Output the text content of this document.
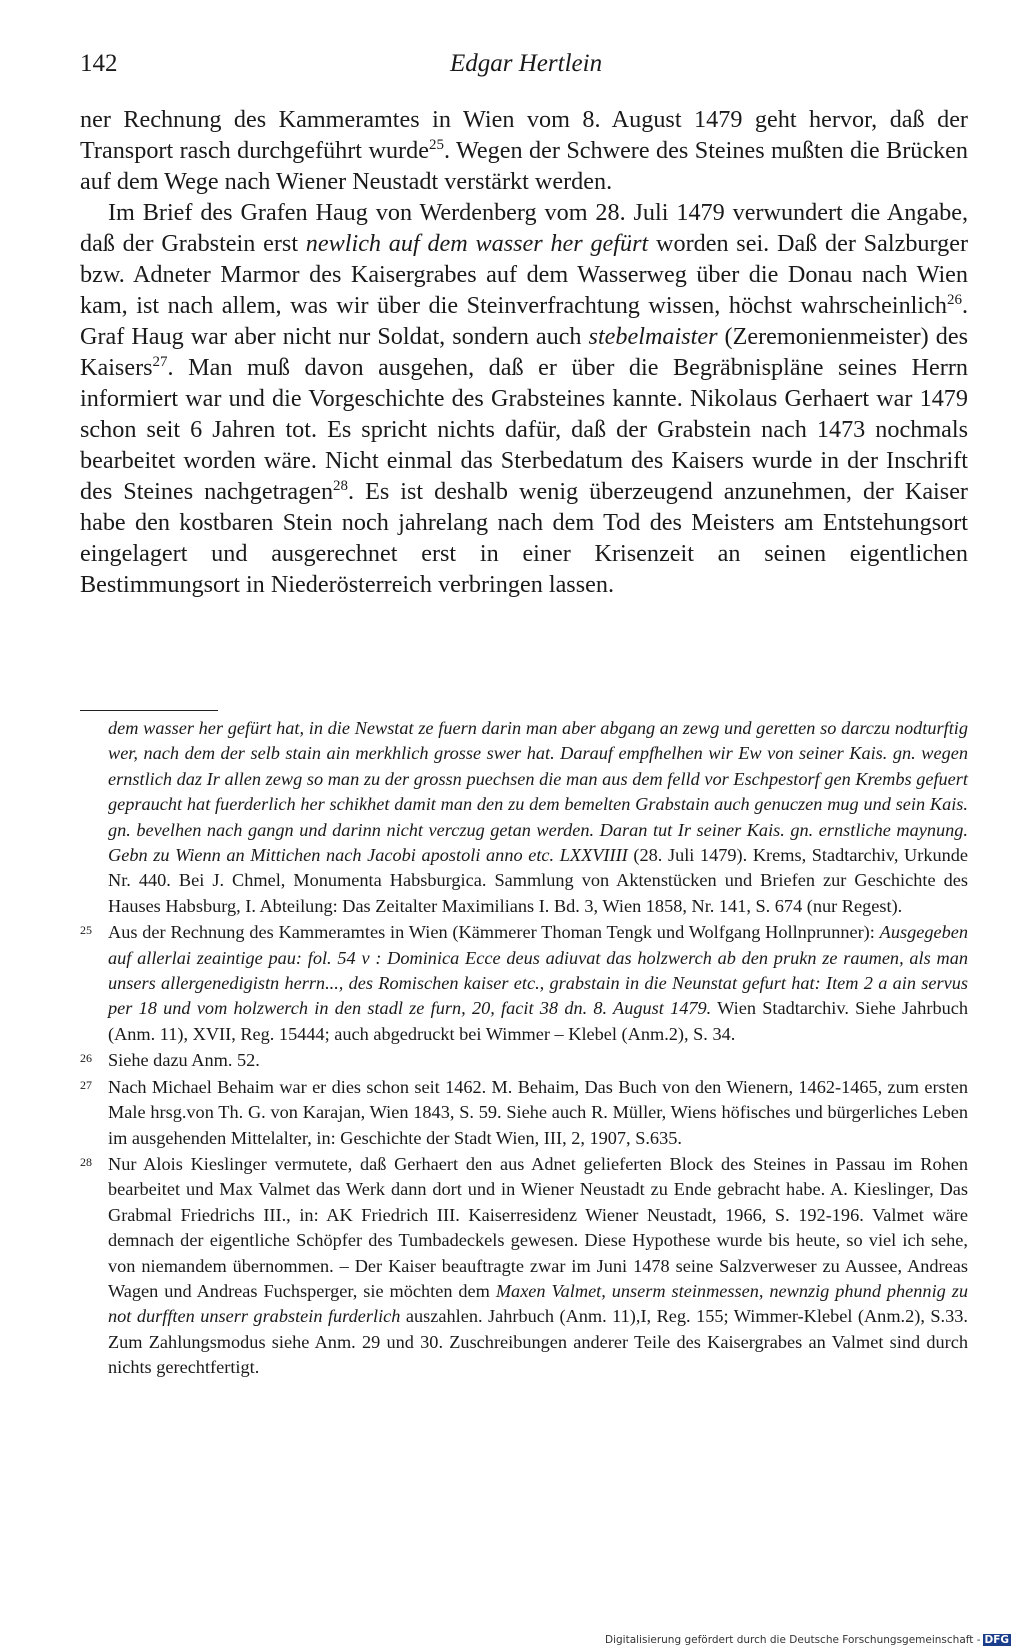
142	Edgar Hertlein

ner Rechnung des Kammeramtes in Wien vom 8. August 1479 geht hervor, daß der Transport rasch durchgeführt wurde$^{25}$. Wegen der Schwere des Steines mußten die Brücken auf dem Wege nach Wiener Neustadt verstärkt werden.

Im Brief des Grafen Haug von Werdenberg vom 28. Juli 1479 verwundert die Angabe, daß der Grabstein erst newlich auf dem wasser her gefürt worden sei. Daß der Salzburger bzw. Adneter Marmor des Kaisergrabes auf dem Wasserweg über die Donau nach Wien kam, ist nach allem, was wir über die Steinverfrachtung wissen, höchst wahrscheinlich$^{26}$. Graf Haug war aber nicht nur Soldat, sondern auch stebelmaister (Zeremonienmeister) des Kaisers$^{27}$. Man muß davon ausgehen, daß er über die Begräbnispläne seines Herrn informiert war und die Vorgeschichte des Grabsteines kannte. Nikolaus Gerhaert war 1479 schon seit 6 Jahren tot. Es spricht nichts dafür, daß der Grabstein nach 1473 nochmals bearbeitet worden wäre. Nicht einmal das Sterbedatum des Kaisers wurde in der Inschrift des Steines nachgetragen$^{28}$. Es ist deshalb wenig überzeugend anzunehmen, der Kaiser habe den kostbaren Stein noch jahrelang nach dem Tod des Meisters am Entstehungsort eingelagert und ausgerechnet erst in einer Krisenzeit an seinen eigentlichen Bestimmungsort in Niederösterreich verbringen lassen.

dem wasser her gefürt hat, in die Newstat ze fuern darin man aber abgang an zewg und geretten so darczu nodturftig wer, nach dem der selb stain ain merkhlich grosse swer hat. Darauf empfhelhen wir Ew von seiner Kais. gn. wegen ernstlich daz Ir allen zewg so man zu der grossn puechsen die man aus dem felld vor Eschpestorf gen Krembs gefuert gepraucht hat fuerderlich her schikhet damit man den zu dem bemelten Grabstain auch genuczen mug und sein Kais. gn. bevelhen nach gangn und darinn nicht verczug getan werden. Daran tut Ir seiner Kais. gn. ernstliche maynung. Gebn zu Wienn an Mittichen nach Jacobi apostoli anno etc. LXXVIIII (28. Juli 1479). Krems, Stadtarchiv, Urkunde Nr. 440. Bei J. Chmel, Monumenta Habsburgica. Sammlung von Aktenstücken und Briefen zur Geschichte des Hauses Habsburg, I. Abteilung: Das Zeitalter Maximilians I. Bd. 3, Wien 1858, Nr. 141, S. 674 (nur Regest).

25 Aus der Rechnung des Kammeramtes in Wien (Kämmerer Thoman Tengk und Wolfgang Hollnprunner): Ausgegeben auf allerlai zeaintige pau: fol. 54 v : Dominica Ecce deus adiuvat das holzwerch ab den prukn ze raumen, als man unsers allergenedigistn herrn..., des Romischen kaiser etc., grabstain in die Neunstat gefurt hat: Item 2 a ain servus per 18 und vom holzwerch in den stadl ze furn, 20, facit 38 dn. 8. August 1479. Wien Stadtarchiv. Siehe Jahrbuch (Anm. 11), XVII, Reg. 15444; auch abgedruckt bei Wimmer – Klebel (Anm.2), S. 34.

26 Siehe dazu Anm. 52.

27 Nach Michael Behaim war er dies schon seit 1462. M. Behaim, Das Buch von den Wienern, 1462-1465, zum ersten Male hrsg.von Th. G. von Karajan, Wien 1843, S. 59. Siehe auch R. Müller, Wiens höfisches und bürgerliches Leben im ausgehenden Mittelalter, in: Geschichte der Stadt Wien, III, 2, 1907, S.635.

28 Nur Alois Kieslinger vermutete, daß Gerhaert den aus Adnet gelieferten Block des Steines in Passau im Rohen bearbeitet und Max Valmet das Werk dann dort und in Wiener Neustadt zu Ende gebracht habe. A. Kieslinger, Das Grabmal Friedrichs III., in: AK Friedrich III. Kaiserresidenz Wiener Neustadt, 1966, S. 192-196. Valmet wäre demnach der eigentliche Schöpfer des Tumbadeckels gewesen. Diese Hypothese wurde bis heute, so viel ich sehe, von niemandem übernommen. – Der Kaiser beauftragte zwar im Juni 1478 seine Salzverweser zu Aussee, Andreas Wagen und Andreas Fuchsperger, sie möchten dem Maxen Valmet, unserm steinmessen, newnzig phund phennig zu not durfften unserr grabstein furderlich auszahlen. Jahrbuch (Anm. 11),I, Reg. 155; Wimmer-Klebel (Anm.2), S.33. Zum Zahlungsmodus siehe Anm. 29 und 30. Zuschreibungen anderer Teile des Kaisergrabes an Valmet sind durch nichts gerechtfertigt.

Digitalisierung gefördert durch die Deutsche Forschungsgemeinschaft - DFG
